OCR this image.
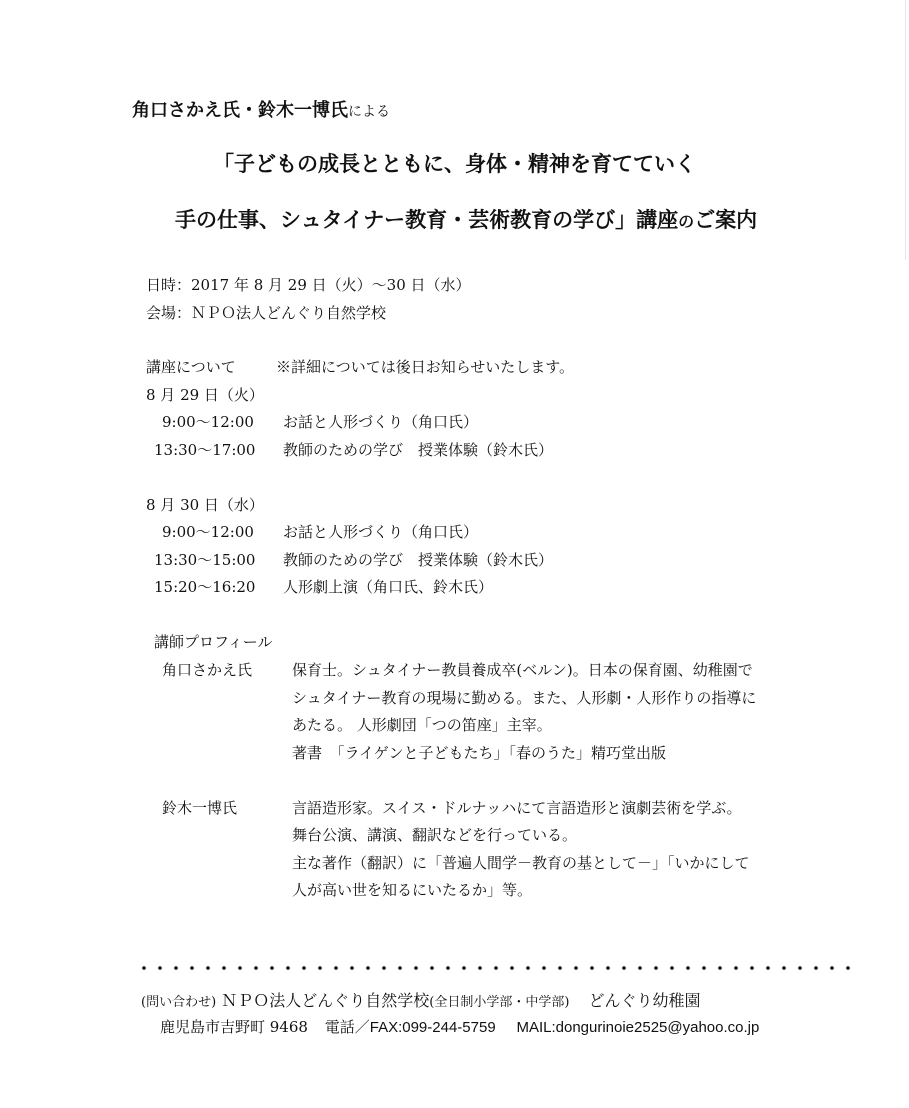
角口さかえ氏・鈴木一博氏による
「子どもの成長とともに、身体・精神を育てていく
手の仕事、シュタイナー教育・芸術教育の学び」講座のご案内
日時：2017 年 8 月 29 日（火）～30 日（水）
会場：ＮＰＯ法人どんぐり自然学校
講座について	※詳細については後日お知らせいたします。
8 月 29 日（火）
9:00～12:00 お話と人形づくり（角口氏）
13:30～17:00 教師のための学び　授業体験（鈴木氏）
8 月 30 日（水）
9:00～12:00 お話と人形づくり（角口氏）
13:30～15:00 教師のための学び　授業体験（鈴木氏）
15:20～16:20 人形劇上演（角口氏、鈴木氏）
講師プロフィール
角口さかえ氏	保育士。シュタイナー教員養成卒(ベルン)。日本の保育園、幼稚園で
シュタイナー教育の現場に勤める。また、人形劇・人形作りの指導に
あたる。 人形劇団「つの笛座」主宰。
著書　「ライゲンと子どもたち」「春のうた」精巧堂出版
鈴木一博氏	言語造形家。スイス・ドルナッハにて言語造形と演劇芸術を学ぶ。
舞台公演、講演、翻訳などを行っている。
主な著作（翻訳）に「普遍人間学－教育の基として－」「いかにして
人が高い世を知るにいたるか」等。
・・・・・・・・・・・・・・・・・・・・・・・・・・・・・・・・・・・・・・・・・・・・・
(問い合わせ) ＮＰＯ法人どんぐり自然学校(全日制小学部・中学部) どんぐり幼稚園
鹿児島市吉野町 9468 電話／FAX:099-244-5759 MAIL:dongurinoie2525@yahoo.co.jp
